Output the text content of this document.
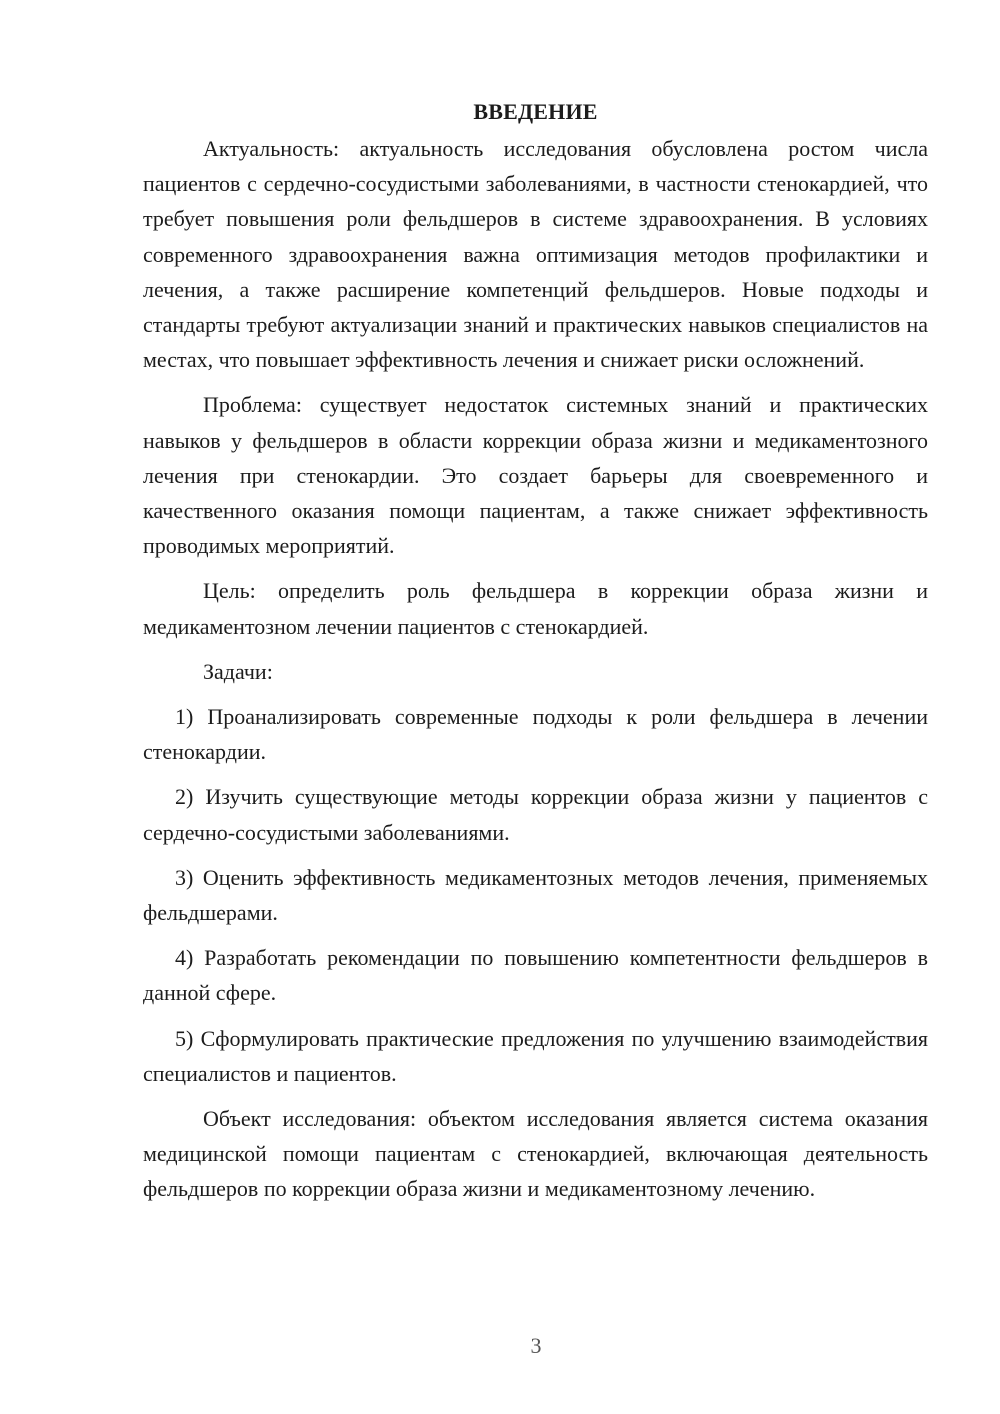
ВВЕДЕНИЕ

Актуальность: актуальность исследования обусловлена ростом числа пациентов с сердечно-сосудистыми заболеваниями, в частности стенокардией, что требует повышения роли фельдшеров в системе здравоохранения. В условиях современного здравоохранения важна оптимизация методов профилактики и лечения, а также расширение компетенций фельдшеров. Новые подходы и стандарты требуют актуализации знаний и практических навыков специалистов на местах, что повышает эффективность лечения и снижает риски осложнений.

Проблема: существует недостаток системных знаний и практических навыков у фельдшеров в области коррекции образа жизни и медикаментозного лечения при стенокардии. Это создает барьеры для своевременного и качественного оказания помощи пациентам, а также снижает эффективность проводимых мероприятий.

Цель: определить роль фельдшера в коррекции образа жизни и медикаментозном лечении пациентов с стенокардией.

Задачи:

1) Проанализировать современные подходы к роли фельдшера в лечении стенокардии.

2) Изучить существующие методы коррекции образа жизни у пациентов с сердечно-сосудистыми заболеваниями.

3) Оценить эффективность медикаментозных методов лечения, применяемых фельдшерами.

4) Разработать рекомендации по повышению компетентности фельдшеров в данной сфере.

5) Сформулировать практические предложения по улучшению взаимодействия специалистов и пациентов.

Объект исследования: объектом исследования является система оказания медицинской помощи пациентам с стенокардией, включающая деятельность фельдшеров по коррекции образа жизни и медикаментозному лечению.

3
